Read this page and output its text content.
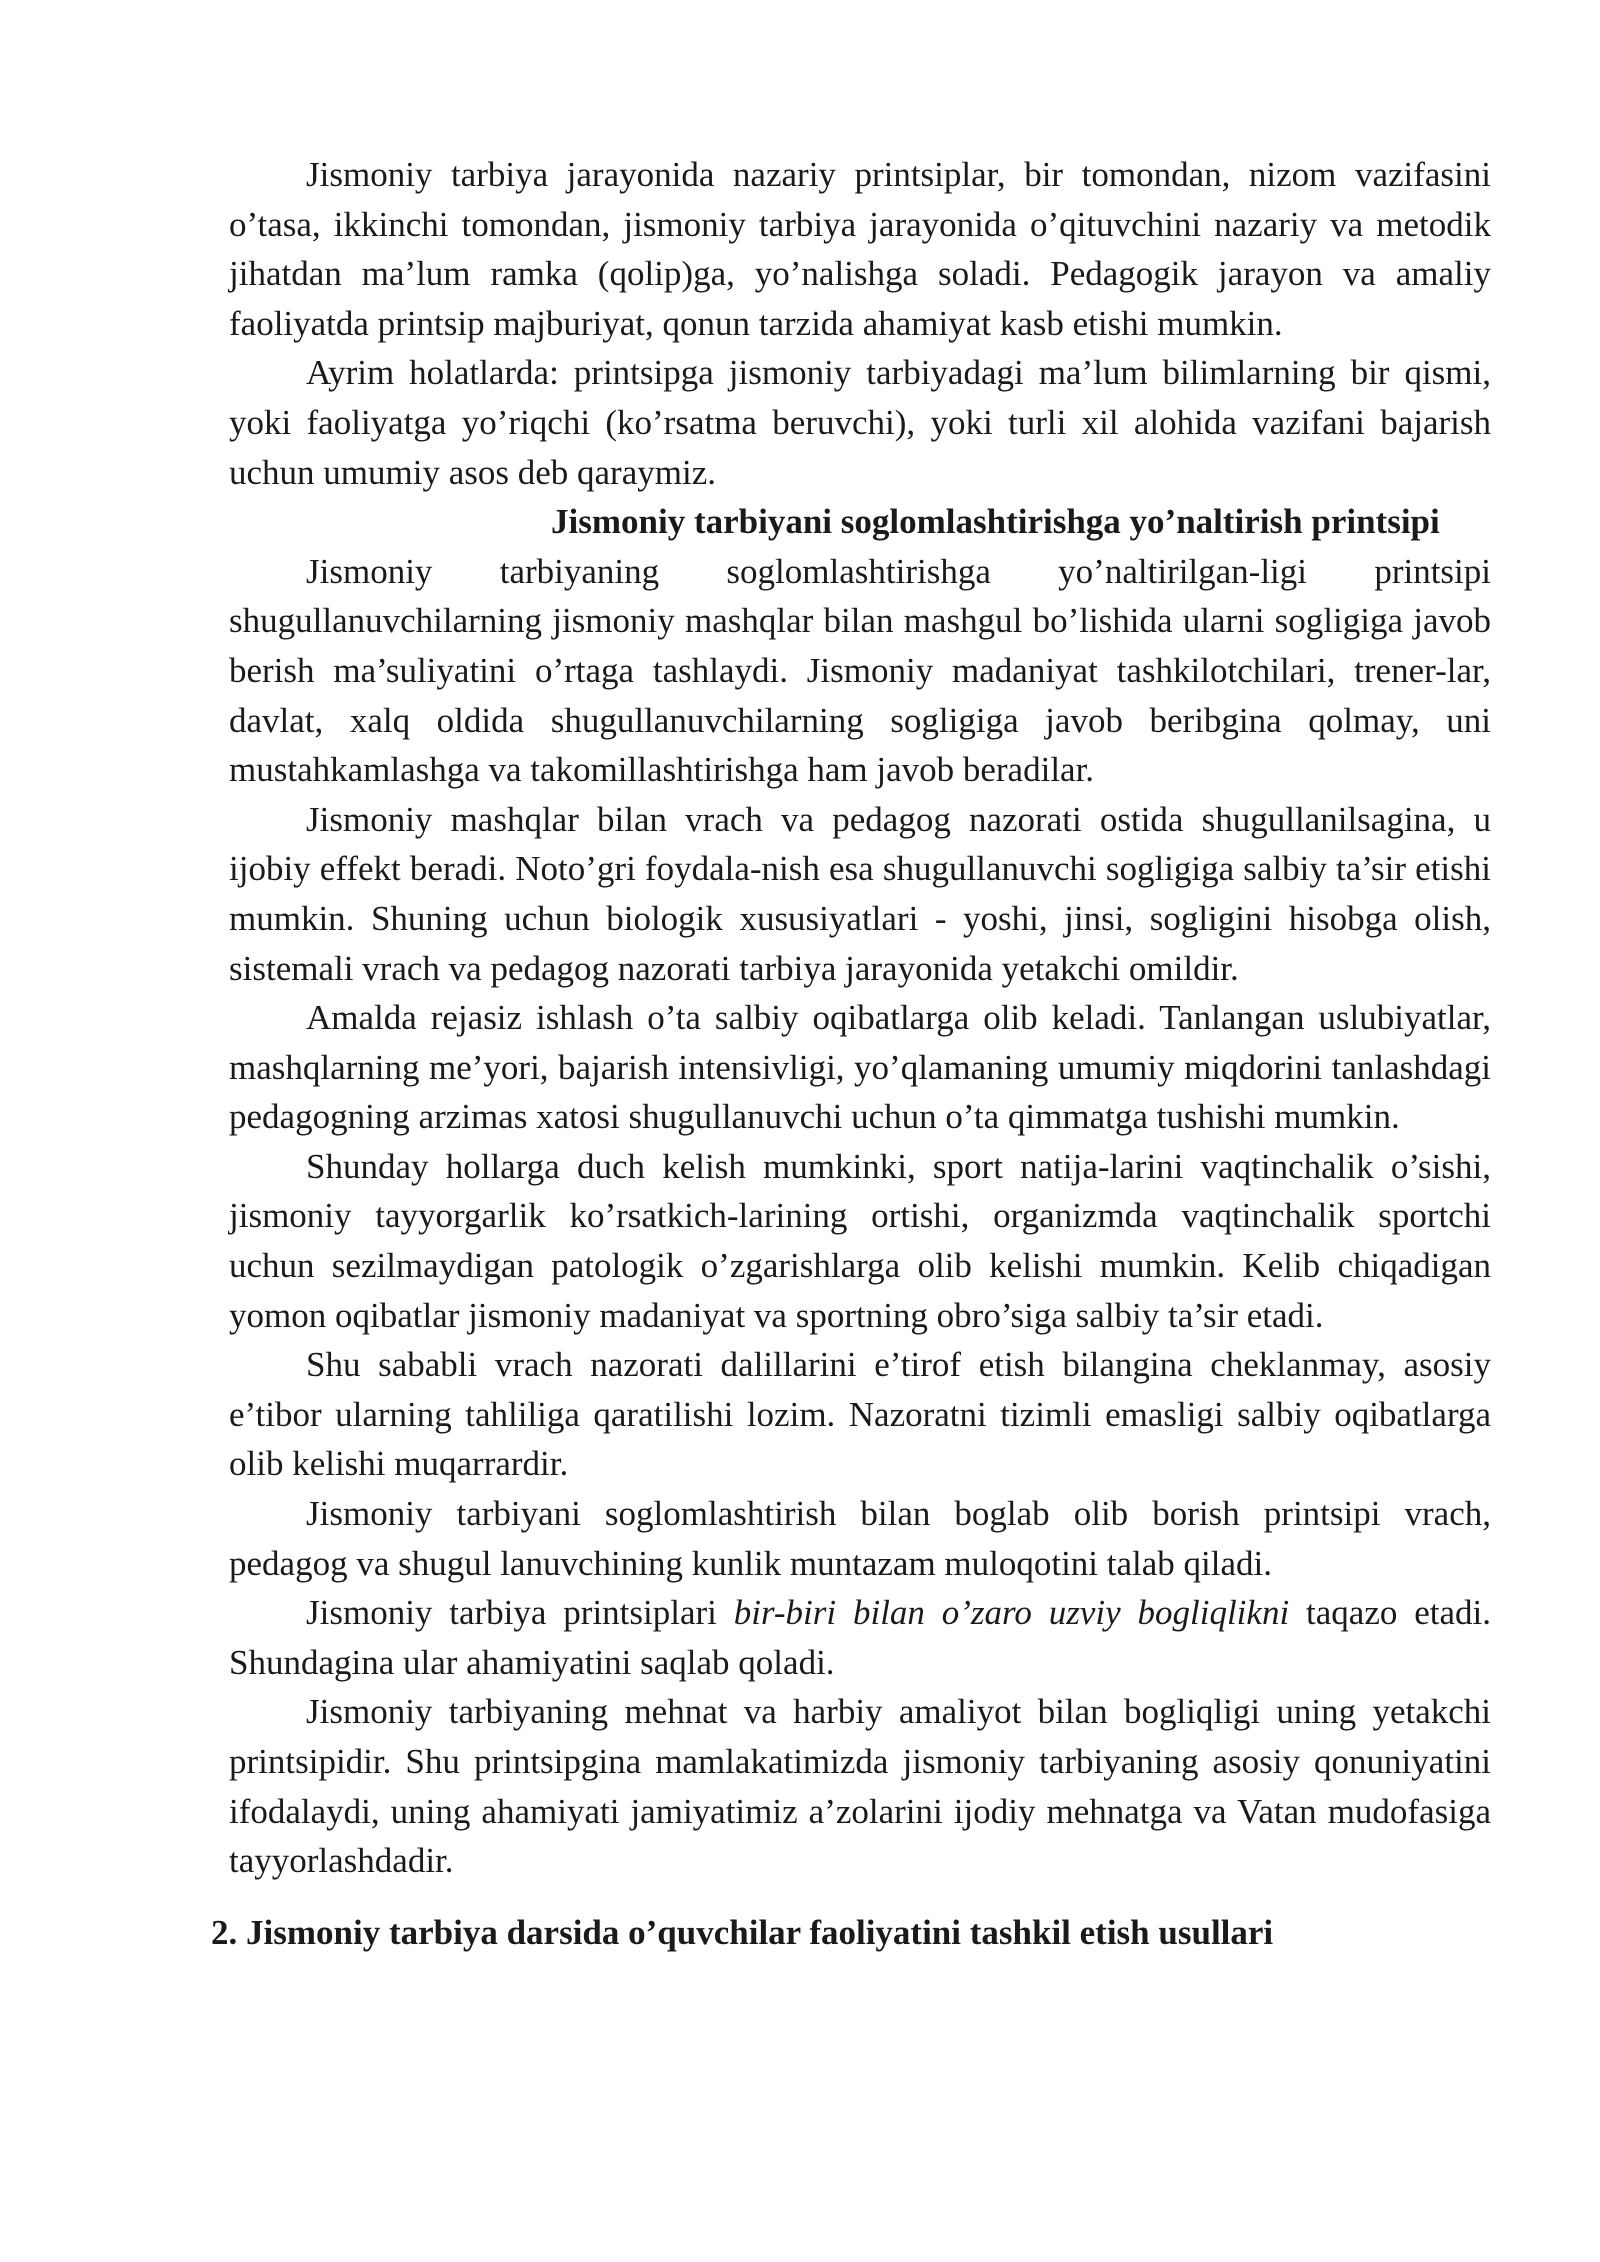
Jismoniy tarbiya jarayonida nazariy printsiplar, bir tomondan, nizom vazifasini o’tasa, ikkinchi tomondan, jismoniy tarbiya jarayonida o’qituvchini nazariy va metodik jihatdan ma’lum ramka (qolip)ga, yo’nalishga soladi. Pedagogik jarayon va amaliy faoliyatda printsip majburiyat, qonun tarzida ahamiyat kasb etishi mumkin.

Ayrim holatlarda: printsipga jismoniy tarbiyadagi ma’lum bilimlarning bir qismi, yoki faoliyatga yo’riqchi (ko’rsatma beruvchi), yoki turli xil alohida vazifani bajarish uchun umumiy asos deb qaraymiz.

Jismoniy tarbiyani soglomlashtirishga yo’naltirish printsipi

Jismoniy tarbiyaning soglomlashtirishga yo’naltirilgan-ligi printsipi shugullanuvchilarning jismoniy mashqlar bilan mashgul bo’lishida ularni sogligiga javob berish ma’suliyatini o’rtaga tashlaydi. Jismoniy madaniyat tashkilotchilari, trener-lar, davlat, xalq oldida shugullanuvchilarning sogligiga javob beribgina qolmay, uni mustahkamlashga va takomillashtirishga ham javob beradilar.

Jismoniy mashqlar bilan vrach va pedagog nazorati ostida shugullanilsagina, u ijobiy effekt beradi. Noto’gri foydala-nish esa shugullanuvchi sogligiga salbiy ta’sir etishi mumkin. Shuning uchun biologik xususiyatlari - yoshi, jinsi, sogligini hisobga olish, sistemali vrach va pedagog nazorati tarbiya jarayonida yetakchi omildir.

Amalda rejasiz ishlash o’ta salbiy oqibatlarga olib keladi. Tanlangan uslubiyatlar, mashqlarning me’yori, bajarish intensivligi, yo’qlamaning umumiy miqdorini tanlashdagi pedagogning arzimas xatosi shugullanuvchi uchun o’ta qimmatga tushishi mumkin.

Shunday hollarga duch kelish mumkinki, sport natija-larini vaqtinchalik o’sishi, jismoniy tayyorgarlik ko’rsatkich-larining ortishi, organizmda vaqtinchalik sportchi uchun sezilmaydigan patologik o’zgarishlarga olib kelishi mumkin. Kelib chiqadigan yomon oqibatlar jismoniy madaniyat va sportning obro’siga salbiy ta’sir etadi.

Shu sababli vrach nazorati dalillarini e’tirof etish bilangina cheklanmay, asosiy e’tibor ularning tahliliga qaratilishi lozim. Nazoratni tizimli emasligi salbiy oqibatlarga olib kelishi muqarrardir.

Jismoniy tarbiyani soglomlashtirish bilan boglab olib borish printsipi vrach, pedagog va shugul lanuvchining kunlik muntazam muloqotini talab qiladi.

Jismoniy tarbiya printsiplari bir-biri bilan o’zaro uzviy bogliqlikni taqazo etadi. Shundagina ular ahamiyatini saqlab qoladi.

Jismoniy tarbiyaning mehnat va harbiy amaliyot bilan bogliqligi uning yetakchi printsipidir. Shu printsipgina mamlakatimizda jismoniy tarbiyaning asosiy qonuniyatini ifodalaydi, uning ahamiyati jamiyatimiz a’zolarini ijodiy mehnatga va Vatan mudofasiga tayyorlashdadir.

2. Jismoniy tarbiya darsida o’quvchilar faoliyatini tashkil etish usullari
